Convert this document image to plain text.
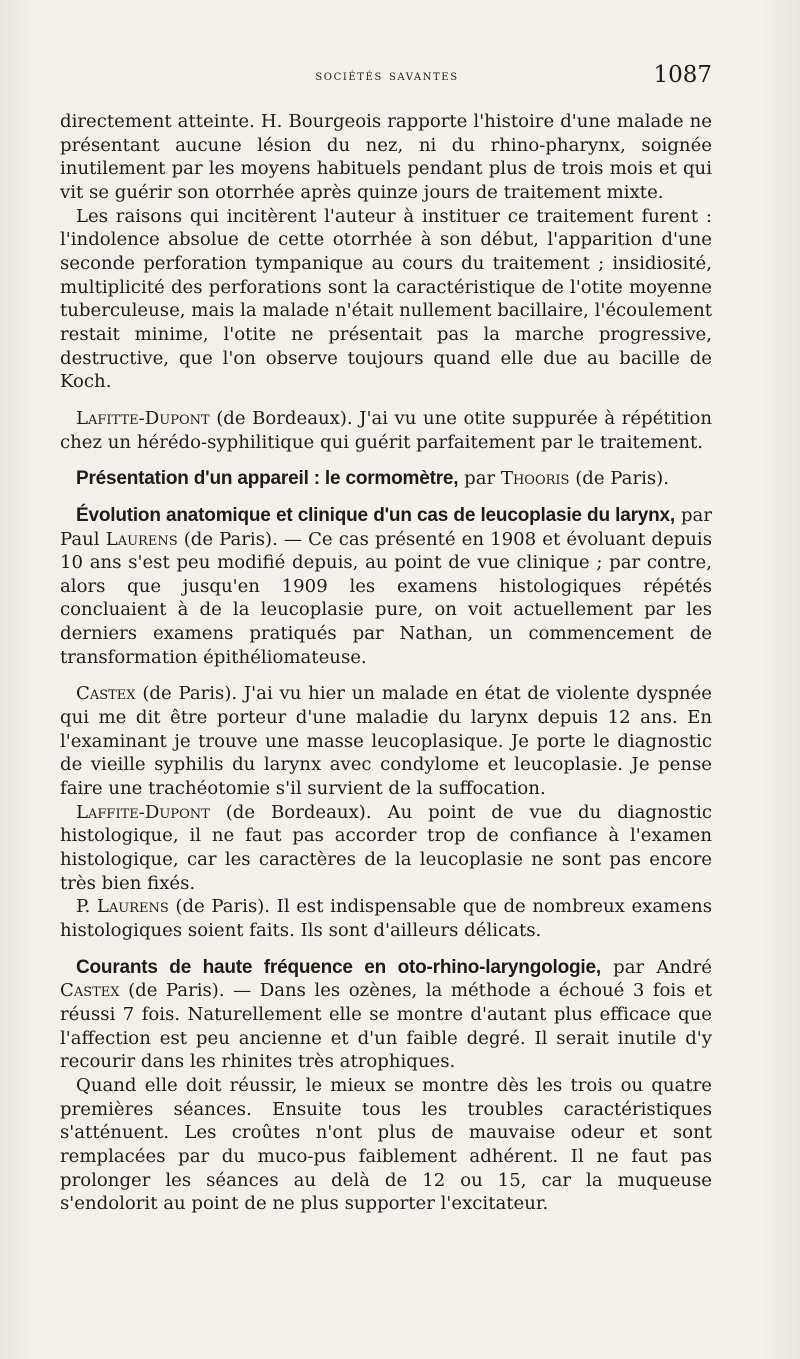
sociétés savantes	1087

directement atteinte. H. Bourgeois rapporte l'histoire d'une malade ne présentant aucune lésion du nez, ni du rhino-pharynx, soignée inutilement par les moyens habituels pendant plus de trois mois et qui vit se guérir son otorrhée après quinze jours de traitement mixte.

Les raisons qui incitèrent l'auteur à instituer ce traitement furent : l'indolence absolue de cette otorrhée à son début, l'apparition d'une seconde perforation tympanique au cours du traitement ; insidiosité, multiplicité des perforations sont la caractéristique de l'otite moyenne tuberculeuse, mais la malade n'était nullement bacillaire, l'écoulement restait minime, l'otite ne présentait pas la marche progressive, destructive, que l'on observe toujours quand elle due au bacille de Koch.

Lafitte-Dupont (de Bordeaux). J'ai vu une otite suppurée à répétition chez un hérédo-syphilitique qui guérit parfaitement par le traitement.

Présentation d'un appareil : le cormomètre, par Thooris (de Paris).

Évolution anatomique et clinique d'un cas de leucoplasie du larynx, par Paul Laurens (de Paris). — Ce cas présenté en 1908 et évoluant depuis 10 ans s'est peu modifié depuis, au point de vue clinique ; par contre, alors que jusqu'en 1909 les examens histologiques répétés concluaient à de la leucoplasie pure, on voit actuellement par les derniers examens pratiqués par Nathan, un commencement de transformation épithéliomateuse.

Castex (de Paris). J'ai vu hier un malade en état de violente dyspnée qui me dit être porteur d'une maladie du larynx depuis 12 ans. En l'examinant je trouve une masse leucoplasique. Je porte le diagnostic de vieille syphilis du larynx avec condylome et leucoplasie. Je pense faire une trachéotomie s'il survient de la suffocation.

Laffite-Dupont (de Bordeaux). Au point de vue du diagnostic histologique, il ne faut pas accorder trop de confiance à l'examen histologique, car les caractères de la leucoplasie ne sont pas encore très bien fixés.

P. Laurens (de Paris). Il est indispensable que de nombreux examens histologiques soient faits. Ils sont d'ailleurs délicats.

Courants de haute fréquence en oto-rhino-laryngologie, par André Castex (de Paris). — Dans les ozènes, la méthode a échoué 3 fois et réussi 7 fois. Naturellement elle se montre d'autant plus efficace que l'affection est peu ancienne et d'un faible degré. Il serait inutile d'y recourir dans les rhinites très atrophiques.

Quand elle doit réussir, le mieux se montre dès les trois ou quatre premières séances. Ensuite tous les troubles caractéristiques s'atténuent. Les croûtes n'ont plus de mauvaise odeur et sont remplacées par du muco-pus faiblement adhérent. Il ne faut pas prolonger les séances au delà de 12 ou 15, car la muqueuse s'endolorit au point de ne plus supporter l'excitateur.
